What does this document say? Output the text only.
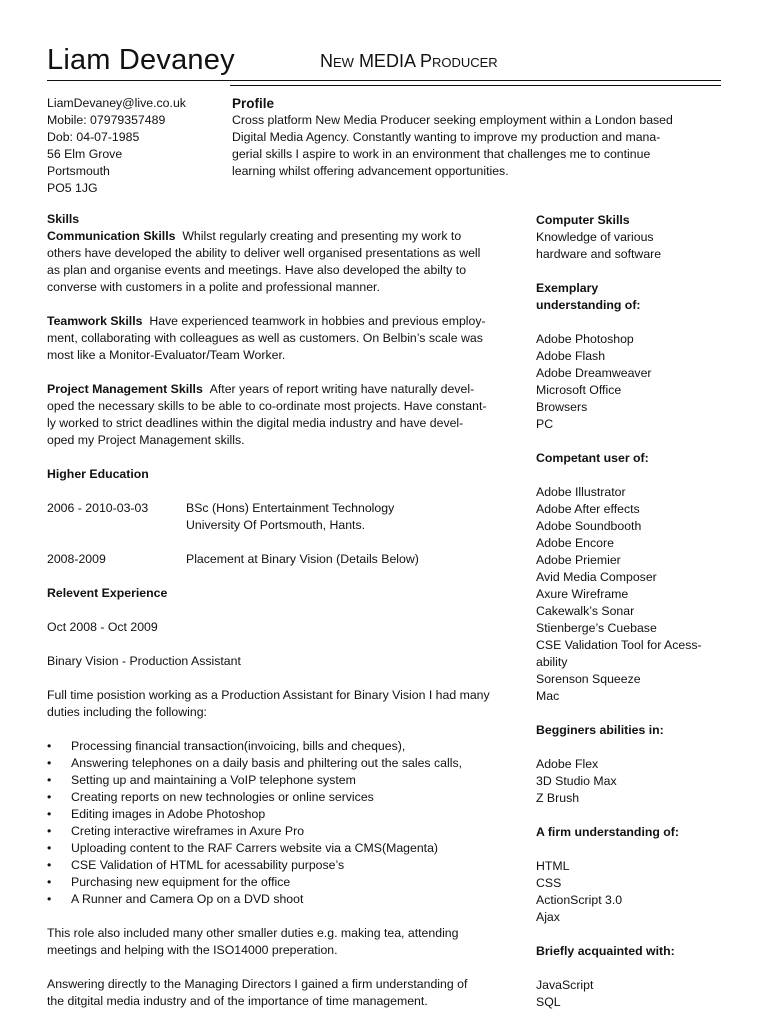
Liam Devaney	New MEDIA Producer
LiamDevaney@live.co.uk
Mobile: 07979357489
Dob: 04-07-1985
56 Elm Grove
Portsmouth
PO5 1JG
Profile

Cross platform New Media Producer seeking employment within a London based
Digital Media Agency. Constantly wanting to improve my production and mana-
gerial skills I aspire to work in an environment that challenges me to continue
learning whilst offering advancement opportunities.

Skills

Communication Skills Whilst regularly creating and presenting my work to
others have developed the ability to deliver well organised presentations as well
as plan and organise events and meetings. Have also developed the abilty to
converse with customers in a polite and professional manner.

Teamwork Skills Have experienced teamwork in hobbies and previous employ-
ment, collaborating with colleagues as well as customers. On Belbin’s scale was
most like a Monitor-Evaluator/Team Worker.

Project Management Skills After years of report writing have naturally devel-
oped the necessary skills to be able to co-ordinate most projects. Have constant-
ly worked to strict deadlines within the digital media industry and have devel-
oped my Project Management skills.

Higher Education

2006 - 2010-03-03	BSc (Hons) Entertainment Technology
University Of Portsmouth, Hants.
2008-2009	Placement at Binary Vision (Details Below)

Relevent Experience

Oct 2008 - Oct 2009

Binary Vision - Production Assistant

Full time posistion working as a Production Assistant for Binary Vision I had many
duties including the following:

• Processing financial transaction(invoicing, bills and cheques),
• Answering telephones on a daily basis and philtering out the sales calls,
• Setting up and maintaining a VoIP telephone system
• Creating reports on new technologies or online services
• Editing images in Adobe Photoshop
• Creting interactive wireframes in Axure Pro
• Uploading content to the RAF Carrers website via a CMS(Magenta)
• CSE Validation of HTML for acessability purpose’s
• Purchasing new equipment for the office
• A Runner and Camera Op on a DVD shoot

This role also included many other smaller duties e.g. making tea, attending
meetings and helping with the ISO14000 preperation.

Answering directly to the Managing Directors I gained a firm understanding of
the ditgital media industry and of the importance of time management.

Computer Skills

Knowledge of various
hardware and software

Exemplary
understanding of:

Adobe Photoshop

Adobe Flash

Adobe Dreamweaver

Microsoft Office

Browsers

PC

Competant user of:

Adobe Illustrator

Adobe After effects

Adobe Soundbooth

Adobe Encore

Adobe Priemier

Avid Media Composer

Axure Wireframe

Cakewalk’s Sonar

Stienberge’s Cuebase

CSE Validation Tool for Acess-

ability

Sorenson Squeeze

Mac

Begginers abilities in:

Adobe Flex

3D Studio Max

Z Brush

A firm understanding of:

HTML

CSS

ActionScript 3.0

Ajax

Briefly acquainted with:

JavaScript

SQL
